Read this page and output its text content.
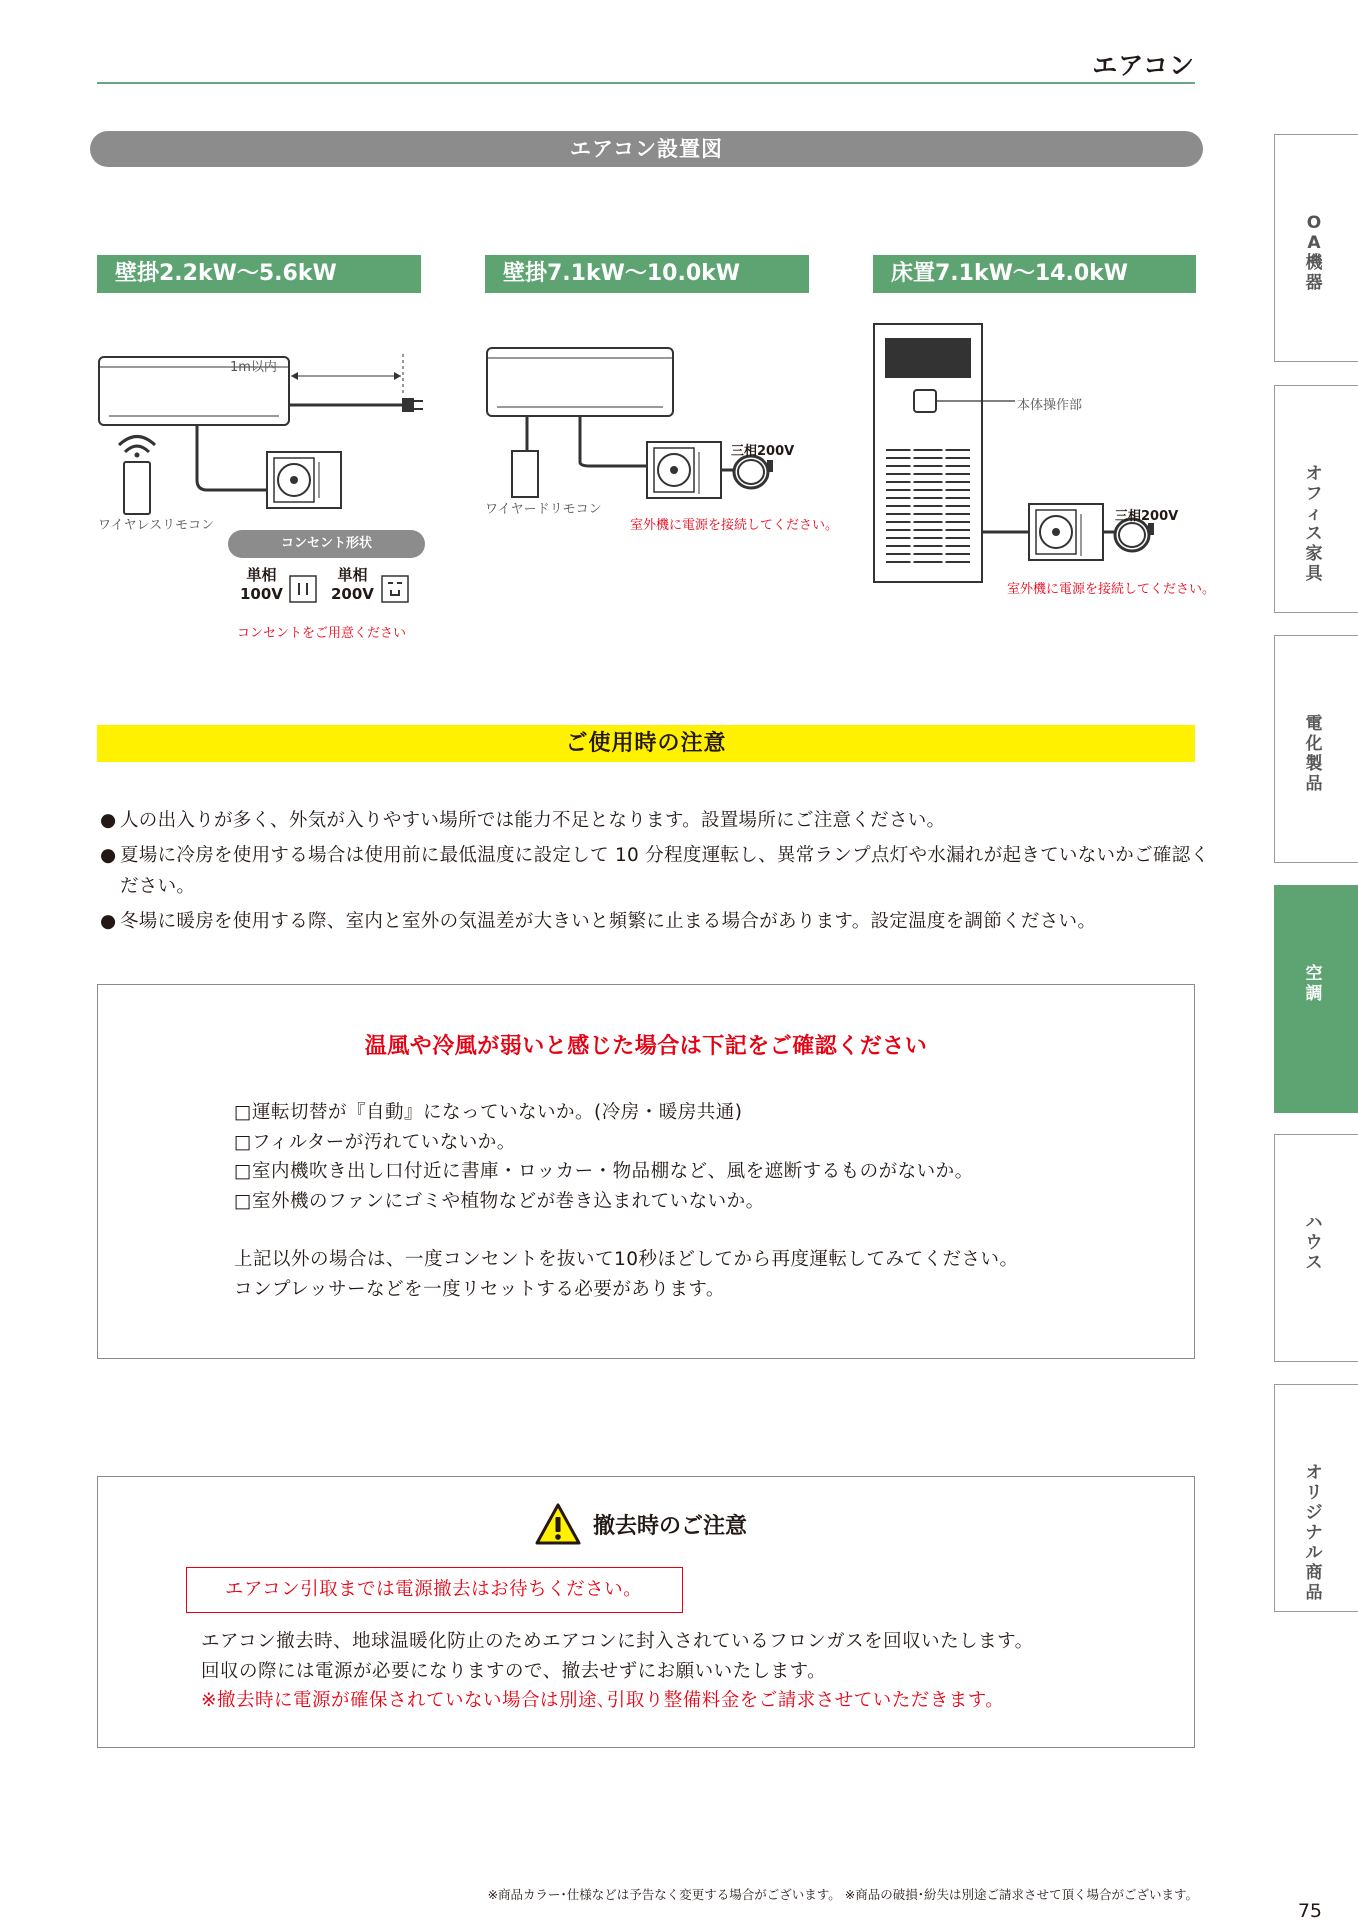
エアコン
エアコン設置図
壁掛2.2kW〜5.6kW	壁掛7.1kW〜10.0kW	床置7.1kW〜14.0kW
1m以内
ワイヤレスリモコン
コンセント形状
単相
100V
単相
200V
コンセントをご用意ください
三相200V
ワイヤードリモコン
室外機に電源を接続してください。
本体操作部
三相200V
室外機に電源を接続してください。
ご使用時の注意

● 人の出入りが多く、外気が入りやすい場所では能力不足となります。設置場所にご注意ください。

● 夏場に冷房を使用する場合は使用前に最低温度に設定して 10 分程度運転し、異常ランプ点灯や水漏れが起きていないかご確認ください。

● 冬場に暖房を使用する際、室内と室外の気温差が大きいと頻繁に止まる場合があります。設定温度を調節ください。

温風や冷風が弱いと感じた場合は下記をご確認ください
□運転切替が『自動』になっていないか。(冷房・暖房共通)
□フィルターが汚れていないか。
□室内機吹き出し口付近に書庫・ロッカー・物品棚など、風を遮断するものがないか。
□室外機のファンにゴミや植物などが巻き込まれていないか。
上記以外の場合は、一度コンセントを抜いて10秒ほどしてから再度運転してみてください。
コンプレッサーなどを一度リセットする必要があります。
撤去時のご注意
エアコン引取までは電源撤去はお待ちください。
エアコン撤去時、地球温暖化防止のためエアコンに封入されているフロンガスを回収いたします。
回収の際には電源が必要になりますので、撤去せずにお願いいたします。
※撤去時に電源が確保されていない場合は別途､引取り整備料金をご請求させていただきます。
※商品カラー･仕様などは予告なく変更する場合がございます。 ※商品の破損･紛失は別途ご請求させて頂く場合がございます。
75
OA機器
オフィス家具
電化製品
空調
ハウス
オリジナル商品
